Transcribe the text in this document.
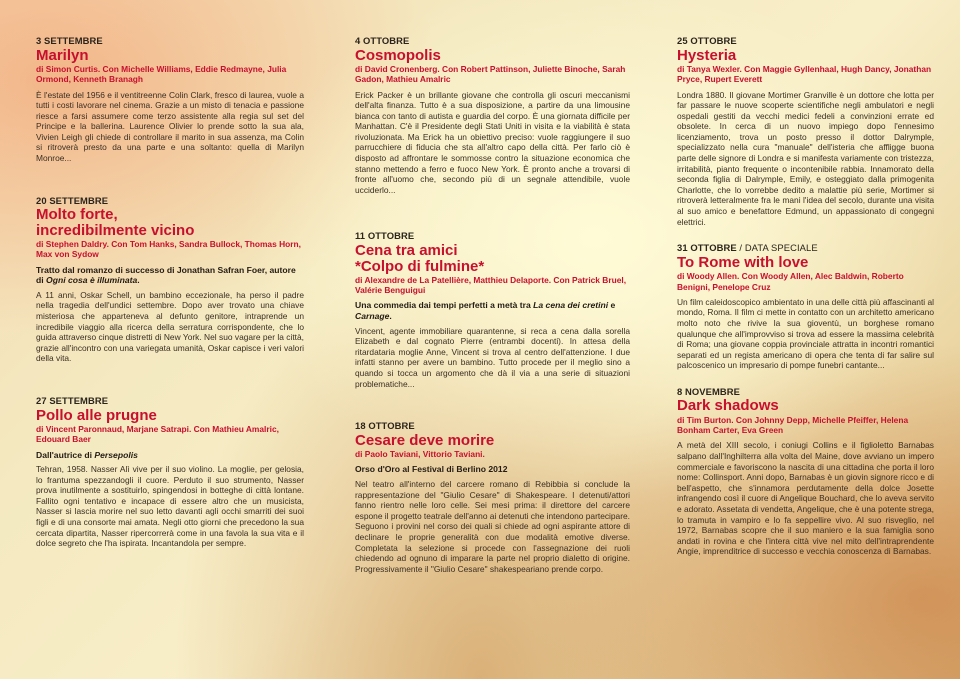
3 SETTEMBRE
Marilyn
di Simon Curtis. Con Michelle Williams, Eddie Redmayne, Julia Ormond, Kenneth Branagh
È l'estate del 1956 e il ventitreenne Colin Clark, fresco di laurea, vuole a tutti i costi lavorare nel cinema. Grazie a un misto di tenacia e passione riesce a farsi assumere come terzo assistente alla regia sul set del Principe e la ballerina. Laurence Olivier lo prende sotto la sua ala, Vivien Leigh gli chiede di controllare il marito in sua assenza, ma Colin si ritroverà presto da una parte e una soltanto: quella di Marilyn Monroe...
20 SETTEMBRE
Molto forte,
incredibilmente vicino
di Stephen Daldry. Con Tom Hanks, Sandra Bullock, Thomas Horn, Max von Sydow
Tratto dal romanzo di successo di Jonathan Safran Foer, autore di Ogni cosa è illuminata.
A 11 anni, Oskar Schell, un bambino eccezionale, ha perso il padre nella tragedia dell'undici settembre. Dopo aver trovato una chiave misteriosa che apparteneva al defunto genitore, intraprende un incredibile viaggio alla ricerca della serratura corrispondente, che lo guida attraverso cinque distretti di New York. Nel suo vagare per la città, grazie all'incontro con una variegata umanità, Oskar capisce i veri valori della vita.
27 SETTEMBRE
Pollo alle prugne
di Vincent Paronnaud, Marjane Satrapi. Con Mathieu Amalric, Edouard Baer
Dall'autrice di Persepolis
Tehran, 1958. Nasser Alì vive per il suo violino. La moglie, per gelosia, lo frantuma spezzandogli il cuore. Perduto il suo strumento, Nasser prova inutilmente a sostituirlo, spingendosi in botteghe di città lontane. Fallito ogni tentativo e incapace di essere altro che un musicista, Nasser si lascia morire nel suo letto davanti agli occhi smarriti dei suoi figli e di una consorte mai amata. Negli otto giorni che precedono la sua cercata dipartita, Nasser ripercorrerà come in una favola la sua vita e il dolce segreto che l'ha ispirata. Incantandola per sempre.
4 OTTOBRE
Cosmopolis
di David Cronenberg. Con Robert Pattinson, Juliette Binoche, Sarah Gadon, Mathieu Amalric
Erick Packer è un brillante giovane che controlla gli oscuri meccanismi dell'alta finanza. Tutto è a sua disposizione, a partire da una limousine bianca con tanto di autista e guardia del corpo. È una giornata difficile per Manhattan. C'è il Presidente degli Stati Uniti in visita e la viabilità è stata rivoluzionata. Ma Erick ha un obiettivo preciso: vuole raggiungere il suo parrucchiere di fiducia che sta all'altro capo della città. Per farlo ciò è disposto ad affrontare le sommosse contro la situazione economica che stanno mettendo a ferro e fuoco New York. È pronto anche a trovarsi di fronte all'uomo che, secondo più di un segnale attendibile, vuole ucciderlo...
11 OTTOBRE
Cena tra amici
*Colpo di fulmine*
di Alexandre de La Patellière, Matthieu Delaporte. Con Patrick Bruel, Valérie Benguigui
Una commedia dai tempi perfetti a metà tra La cena dei cretini e Carnage.
Vincent, agente immobiliare quarantenne, si reca a cena dalla sorella Elizabeth e dal cognato Pierre (entrambi docenti). In attesa della ritardataria moglie Anne, Vincent si trova al centro dell'attenzione. I due infatti stanno per avere un bambino. Tutto procede per il meglio sino a quando si tocca un argomento che dà il via a una serie di situazioni problematiche...
18 OTTOBRE
Cesare deve morire
di Paolo Taviani, Vittorio Taviani.
Orso d'Oro al Festival di Berlino 2012
Nel teatro all'interno del carcere romano di Rebibbia si conclude la rappresentazione del "Giulio Cesare" di Shakespeare. I detenuti/attori fanno rientro nelle loro celle. Sei mesi prima: il direttore del carcere espone il progetto teatrale dell'anno ai detenuti che intendono partecipare. Seguono i provini nel corso dei quali si chiede ad ogni aspirante attore di declinare le proprie generalità con due modalità emotive diverse. Completata la selezione si procede con l'assegnazione dei ruoli chiedendo ad ognuno di imparare la parte nel proprio dialetto di origine. Progressivamente il "Giulio Cesare" shakespeariano prende corpo.
25 OTTOBRE
Hysteria
di Tanya Wexler. Con Maggie Gyllenhaal, Hugh Dancy, Jonathan Pryce, Rupert Everett
Londra 1880. Il giovane Mortimer Granville è un dottore che lotta per far passare le nuove scoperte scientifiche negli ambulatori e negli ospedali gestiti da vecchi medici fedeli a convinzioni errate ed obsolete. In cerca di un nuovo impiego dopo l'ennesimo licenziamento, trova un posto presso il dottor Dalrymple, specializzato nella cura "manuale" dell'isteria che affligge buona parte delle signore di Londra e si manifesta variamente con tristezza, irritabilità, pianto frequente o incontenibile rabbia. Innamorato della seconda figlia di Dalrymple, Emily, e osteggiato dalla primogenita Charlotte, che lo vorrebbe dedito a malattie più serie, Mortimer si ritroverà letteralmente fra le mani l'idea del secolo, durante una visita al suo amico e benefattore Edmund, un appassionato di congegni elettrici.
31 OTTOBRE / DATA SPECIALE
To Rome with love
di Woody Allen. Con Woody Allen, Alec Baldwin, Roberto Benigni, Penelope Cruz
Un film caleidoscopico ambientato in una delle città più affascinanti al mondo, Roma. Il film ci mette in contatto con un architetto americano molto noto che rivive la sua gioventù, un borghese romano qualunque che all'improvviso si trova ad essere la massima celebrità di Roma; una giovane coppia provinciale attratta in incontri romantici separati ed un regista americano di opera che tenta di far salire sul palcoscenico un impresario di pompe funebri cantante...
8 NOVEMBRE
Dark shadows
di Tim Burton. Con Johnny Depp, Michelle Pfeiffer, Helena Bonham Carter, Eva Green
A metà del XIII secolo, i coniugi Collins e il figlioletto Barnabas salpano dall'Inghilterra alla volta del Maine, dove avviano un impero commerciale e favoriscono la nascita di una cittadina che porta il loro nome: Collinsport. Anni dopo, Barnabas è un giovin signore ricco e di bell'aspetto, che s'innamora perdutamente della dolce Josette infrangendo così il cuore di Angelique Bouchard, che lo aveva servito e adorato. Assetata di vendetta, Angelique, che è una potente strega, lo tramuta in vampiro e lo fa seppellire vivo. Al suo risveglio, nel 1972, Barnabas scopre che il suo maniero e la sua famiglia sono andati in rovina e che l'intera città vive nel mito dell'intraprendente Angie, imprenditrice di successo e vecchia conoscenza di Barnabas.
